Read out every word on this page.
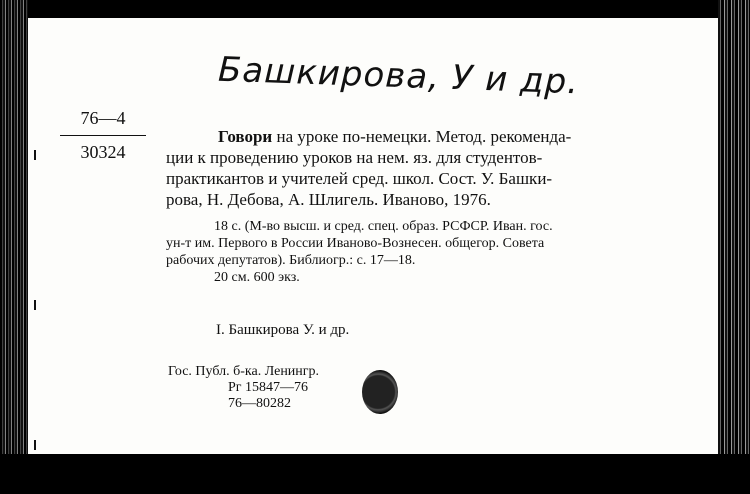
Башкирова, У и др.
76—4
30324
Говори на уроке по-немецки. Метод. рекоменда-
ции к проведению уроков на нем. яз. для студентов-
практикантов и учителей сред. школ. Сост. У. Башки-
рова, Н. Дебова, А. Шлигель. Иваново, 1976.
18 с. (М-во высш. и сред. спец. образ. РСФСР. Иван. гос.
ун-т им. Первого в России Иваново-Вознесен. общегор. Совета
рабочих депутатов). Библиогр.: с. 17—18.
20 см. 600 экз.
I. Башкирова У. и др.
Гос. Публ. б-ка. Ленингр.
Рг 15847—76
76—80282
